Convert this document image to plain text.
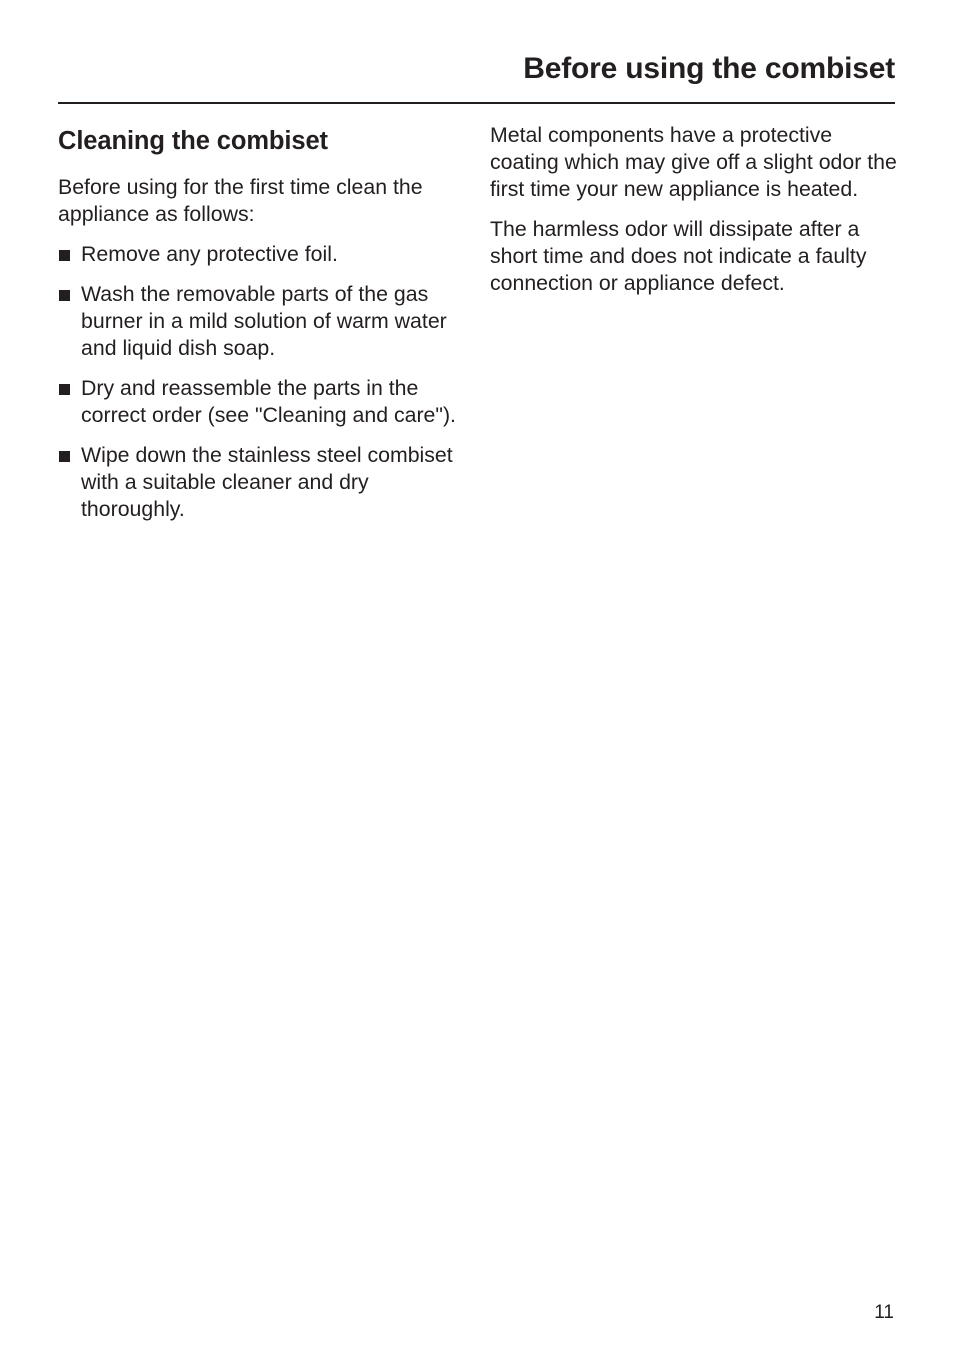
Before using the combiset
Cleaning the combiset

Before using for the first time clean the appliance as follows:

Remove any protective foil.
Wash the removable parts of the gas burner in a mild solution of warm water and liquid dish soap.
Dry and reassemble the parts in the correct order (see "Cleaning and care").
Wipe down the stainless steel combiset with a suitable cleaner and dry thoroughly.

Metal components have a protective coating which may give off a slight odor the first time your new appliance is heated.

The harmless odor will dissipate after a short time and does not indicate a faulty connection or appliance defect.

11
